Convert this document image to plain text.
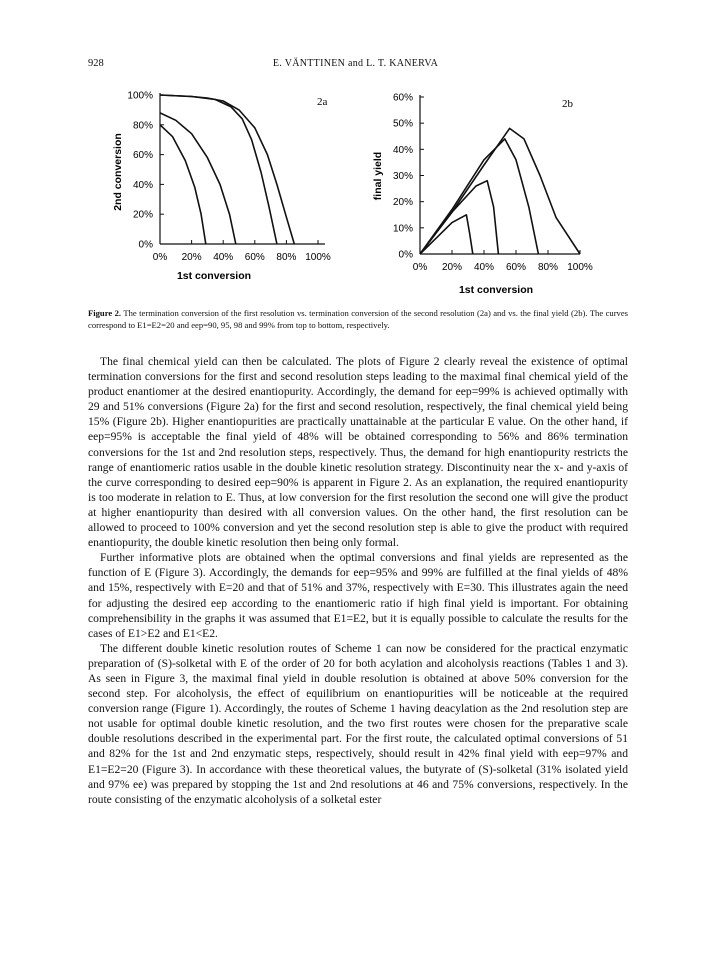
928	E. VÄNTTINEN and L. T. KANERVA
0%
20%
40%
60%
80%
100%
0% 20% 40% 60% 80% 100%
2a
1st conversion
2nd conversion
0%
10%
20%
30%
40%
50%
60%
0% 20% 40% 60% 80% 100%
2b
1st conversion
final yield
Figure 2. The termination conversion of the first resolution vs. termination conversion of the second resolution (2a) and vs. the final yield (2b). The curves correspond to E1=E2=20 and eep=90, 95, 98 and 99% from top to bottom, respectively.

The final chemical yield can then be calculated. The plots of Figure 2 clearly reveal the existence of optimal termination conversions for the first and second resolution steps leading to the maximal final chemical yield of the product enantiomer at the desired enantiopurity. Accordingly, the demand for eep=99% is achieved optimally with 29 and 51% conversions (Figure 2a) for the first and second resolution, respectively, the final chemical yield being 15% (Figure 2b). Higher enantiopurities are practically unattainable at the particular E value. On the other hand, if eep=95% is acceptable the final yield of 48% will be obtained corresponding to 56% and 86% termination conversions for the 1st and 2nd resolution steps, respectively. Thus, the demand for high enantiopurity restricts the range of enantiomeric ratios usable in the double kinetic resolution strategy. Discontinuity near the x- and y-axis of the curve corresponding to desired eep=90% is apparent in Figure 2. As an explanation, the required enantiopurity is too moderate in relation to E. Thus, at low conversion for the first resolution the second one will give the product at higher enantiopurity than desired with all conversion values. On the other hand, the first resolution can be allowed to proceed to 100% conversion and yet the second resolution step is able to give the product with required enantiopurity, the double kinetic resolution then being only formal.

Further informative plots are obtained when the optimal conversions and final yields are represented as the function of E (Figure 3). Accordingly, the demands for eep=95% and 99% are fulfilled at the final yields of 48% and 15%, respectively with E=20 and that of 51% and 37%, respectively with E=30. This illustrates again the need for adjusting the desired eep according to the enantiomeric ratio if high final yield is important. For obtaining comprehensibility in the graphs it was assumed that E1=E2, but it is equally possible to calculate the results for the cases of E1>E2 and E1<E2.

The different double kinetic resolution routes of Scheme 1 can now be considered for the practical enzymatic preparation of (S)-solketal with E of the order of 20 for both acylation and alcoholysis reactions (Tables 1 and 3). As seen in Figure 3, the maximal final yield in double resolution is obtained at above 50% conversion for the second step. For alcoholysis, the effect of equilibrium on enantiopurities will be noticeable at the required conversion range (Figure 1). Accordingly, the routes of Scheme 1 having deacylation as the 2nd resolution step are not usable for optimal double kinetic resolution, and the two first routes were chosen for the preparative scale double resolutions described in the experimental part. For the first route, the calculated optimal conversions of 51 and 82% for the 1st and 2nd enzymatic steps, respectively, should result in 42% final yield with eep=97% and E1=E2=20 (Figure 3). In accordance with these theoretical values, the butyrate of (S)-solketal (31% isolated yield and 97% ee) was prepared by stopping the 1st and 2nd resolutions at 46 and 75% conversions, respectively. In the route consisting of the enzymatic alcoholysis of a solketal ester
